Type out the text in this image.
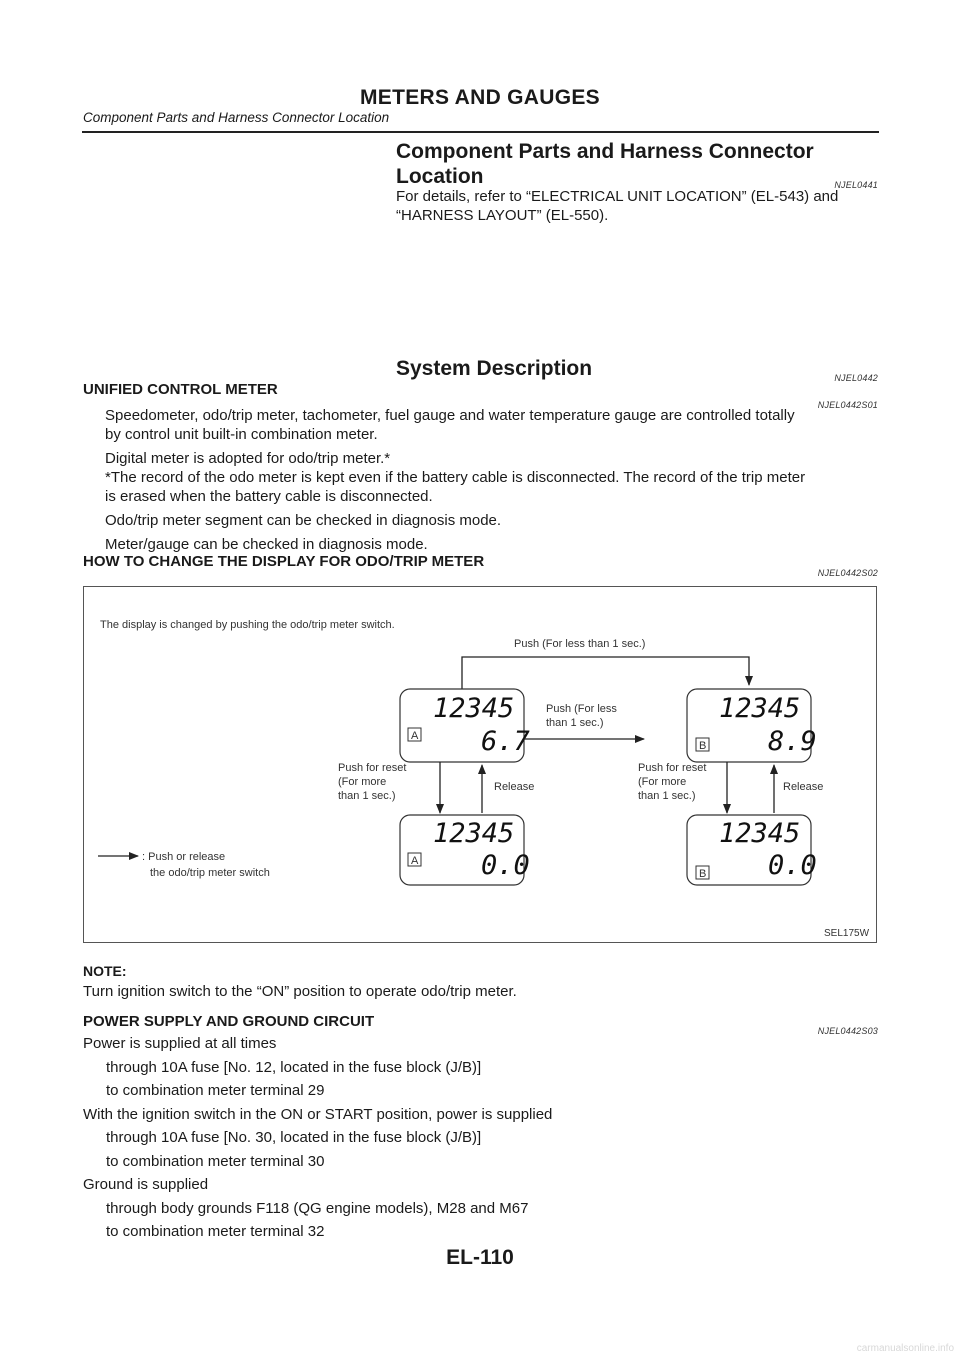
METERS AND GAUGES
Component Parts and Harness Connector Location
Component Parts and Harness Connector
Location	NJEL0441
For details, refer to “ELECTRICAL UNIT LOCATION” (EL-543) and
“HARNESS LAYOUT” (EL-550).
System Description	NJEL0442
UNIFIED CONTROL METER
NJEL0442S01
Speedometer, odo/trip meter, tachometer, fuel gauge and water temperature gauge are controlled totally
by control unit built-in combination meter.
Digital meter is adopted for odo/trip meter.*
*The record of the odo meter is kept even if the battery cable is disconnected. The record of the trip meter
is erased when the battery cable is disconnected.
Odo/trip meter segment can be checked in diagnosis mode.
Meter/gauge can be checked in diagnosis mode.
HOW TO CHANGE THE DISPLAY FOR ODO/TRIP METER
NJEL0442S02
The display is changed by pushing the odo/trip meter switch.
Push (For less than 1 sec.)
12345
6.7
A
Push (For less
than 1 sec.)	12345
8.9
B
Push for reset
(For more
than 1 sec.)
Release
Push for reset
(For more
than 1 sec.)
Release
12345
0.0
A
12345
0.0
B
: Push or release
the odo/trip meter switch
SEL175W
NOTE:
Turn ignition switch to the “ON” position to operate odo/trip meter.
POWER SUPPLY AND GROUND CIRCUIT
NJEL0442S03
Power is supplied at all times
through 10A fuse [No. 12, located in the fuse block (J/B)]
to combination meter terminal 29
With the ignition switch in the ON or START position, power is supplied
through 10A fuse [No. 30, located in the fuse block (J/B)]
to combination meter terminal 30
Ground is supplied
through body grounds F118 (QG engine models), M28 and M67
to combination meter terminal 32
EL-110
carmanualsonline.info
